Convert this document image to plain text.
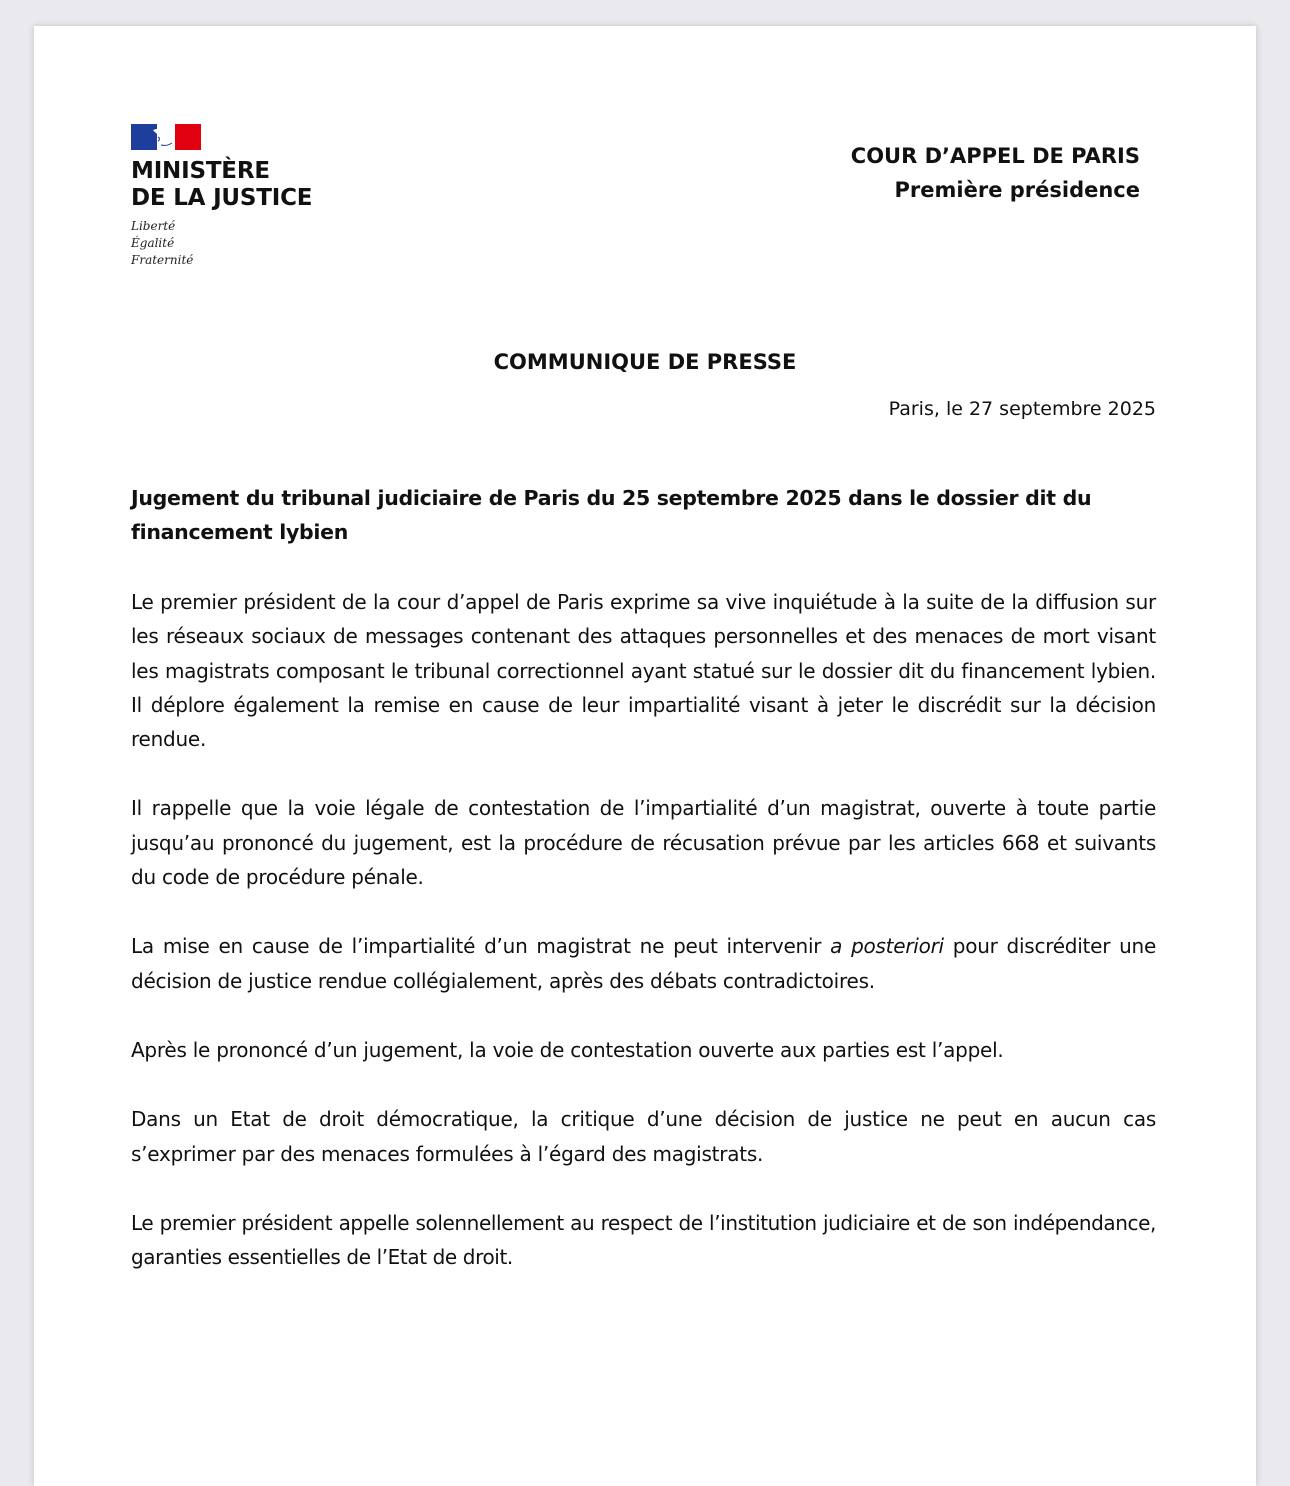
MINISTÈRE
DE LA JUSTICE
Liberté
Égalité
Fraternité
COUR D’APPEL DE PARIS
Première présidence
COMMUNIQUE DE PRESSE
Paris, le 27 septembre 2025

Jugement du tribunal judiciaire de Paris du 25 septembre 2025 dans le dossier dit du financement lybien

Le premier président de la cour d’appel de Paris exprime sa vive inquiétude à la suite de la diffusion sur les réseaux sociaux de messages contenant des attaques personnelles et des menaces de mort visant les magistrats composant le tribunal correctionnel ayant statué sur le dossier dit du financement lybien. Il déplore également la remise en cause de leur impartialité visant à jeter le discrédit sur la décision rendue.

Il rappelle que la voie légale de contestation de l’impartialité d’un magistrat, ouverte à toute partie jusqu’au prononcé du jugement, est la procédure de récusation prévue par les articles 668 et suivants du code de procédure pénale.

La mise en cause de l’impartialité d’un magistrat ne peut intervenir a posteriori pour discréditer une décision de justice rendue collégialement, après des débats contradictoires.

Après le prononcé d’un jugement, la voie de contestation ouverte aux parties est l’appel.

Dans un Etat de droit démocratique, la critique d’une décision de justice ne peut en aucun cas s’exprimer par des menaces formulées à l’égard des magistrats.

Le premier président appelle solennellement au respect de l’institution judiciaire et de son indépendance, garanties essentielles de l’Etat de droit.
